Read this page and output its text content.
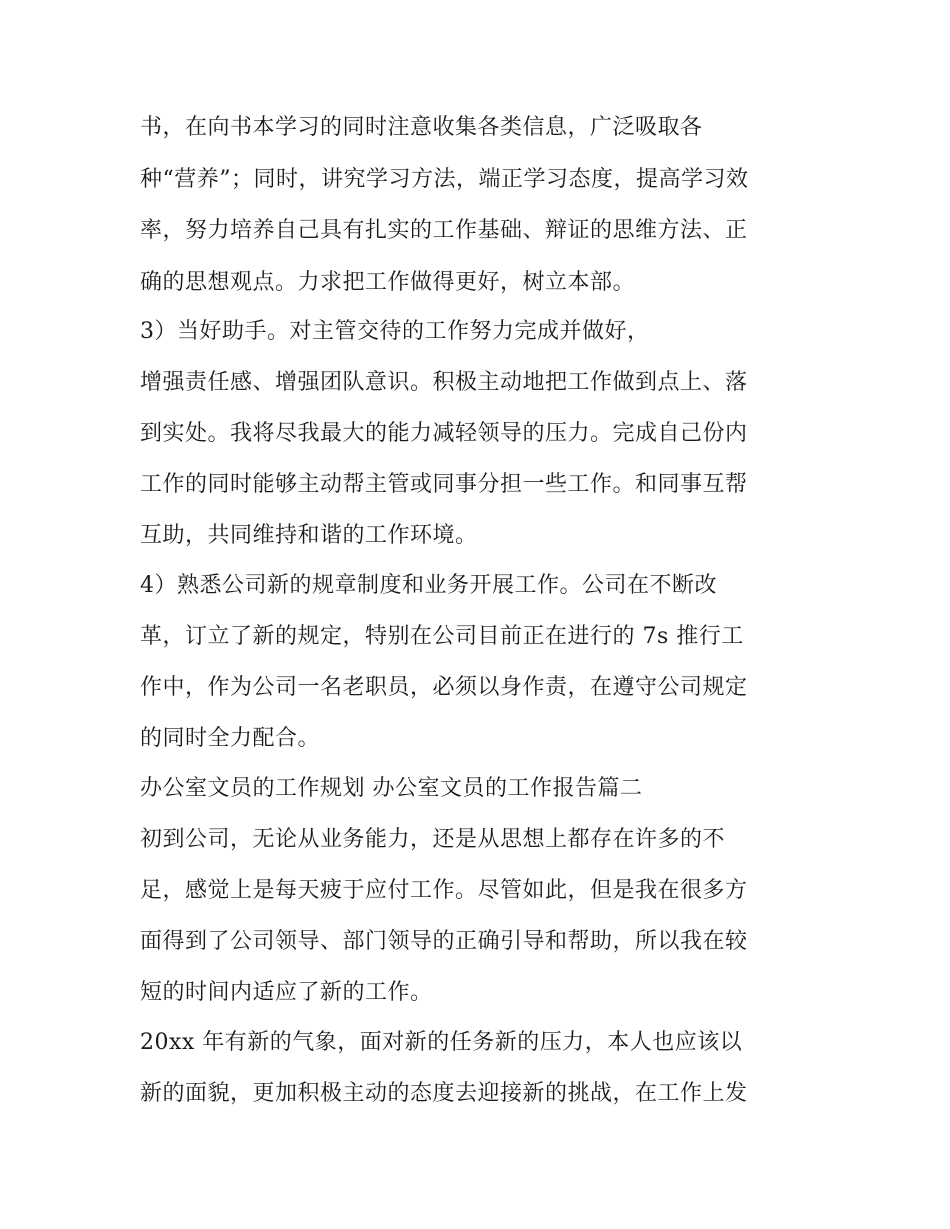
书，在向书本学习的同时注意收集各类信息，广泛吸取各

种“营养”；同时，讲究学习方法，端正学习态度，提高学习效

率，努力培养自己具有扎实的工作基础、辩证的思维方法、正

确的思想观点。力求把工作做得更好，树立本部。

3）当好助手。对主管交待的工作努力完成并做好，

增强责任感、增强团队意识。积极主动地把工作做到点上、落

到实处。我将尽我最大的能力减轻领导的压力。完成自己份内

工作的同时能够主动帮主管或同事分担一些工作。和同事互帮

互助，共同维持和谐的工作环境。

4）熟悉公司新的规章制度和业务开展工作。公司在不断改

革，订立了新的规定，特别在公司目前正在进行的 7s 推行工

作中，作为公司一名老职员，必须以身作责，在遵守公司规定

的同时全力配合。

办公室文员的工作规划 办公室文员的工作报告篇二

初到公司，无论从业务能力，还是从思想上都存在许多的不

足，感觉上是每天疲于应付工作。尽管如此，但是我在很多方

面得到了公司领导、部门领导的正确引导和帮助，所以我在较

短的时间内适应了新的工作。

20xx 年有新的气象，面对新的任务新的压力，本人也应该以

新的面貌，更加积极主动的态度去迎接新的挑战，在工作上发
